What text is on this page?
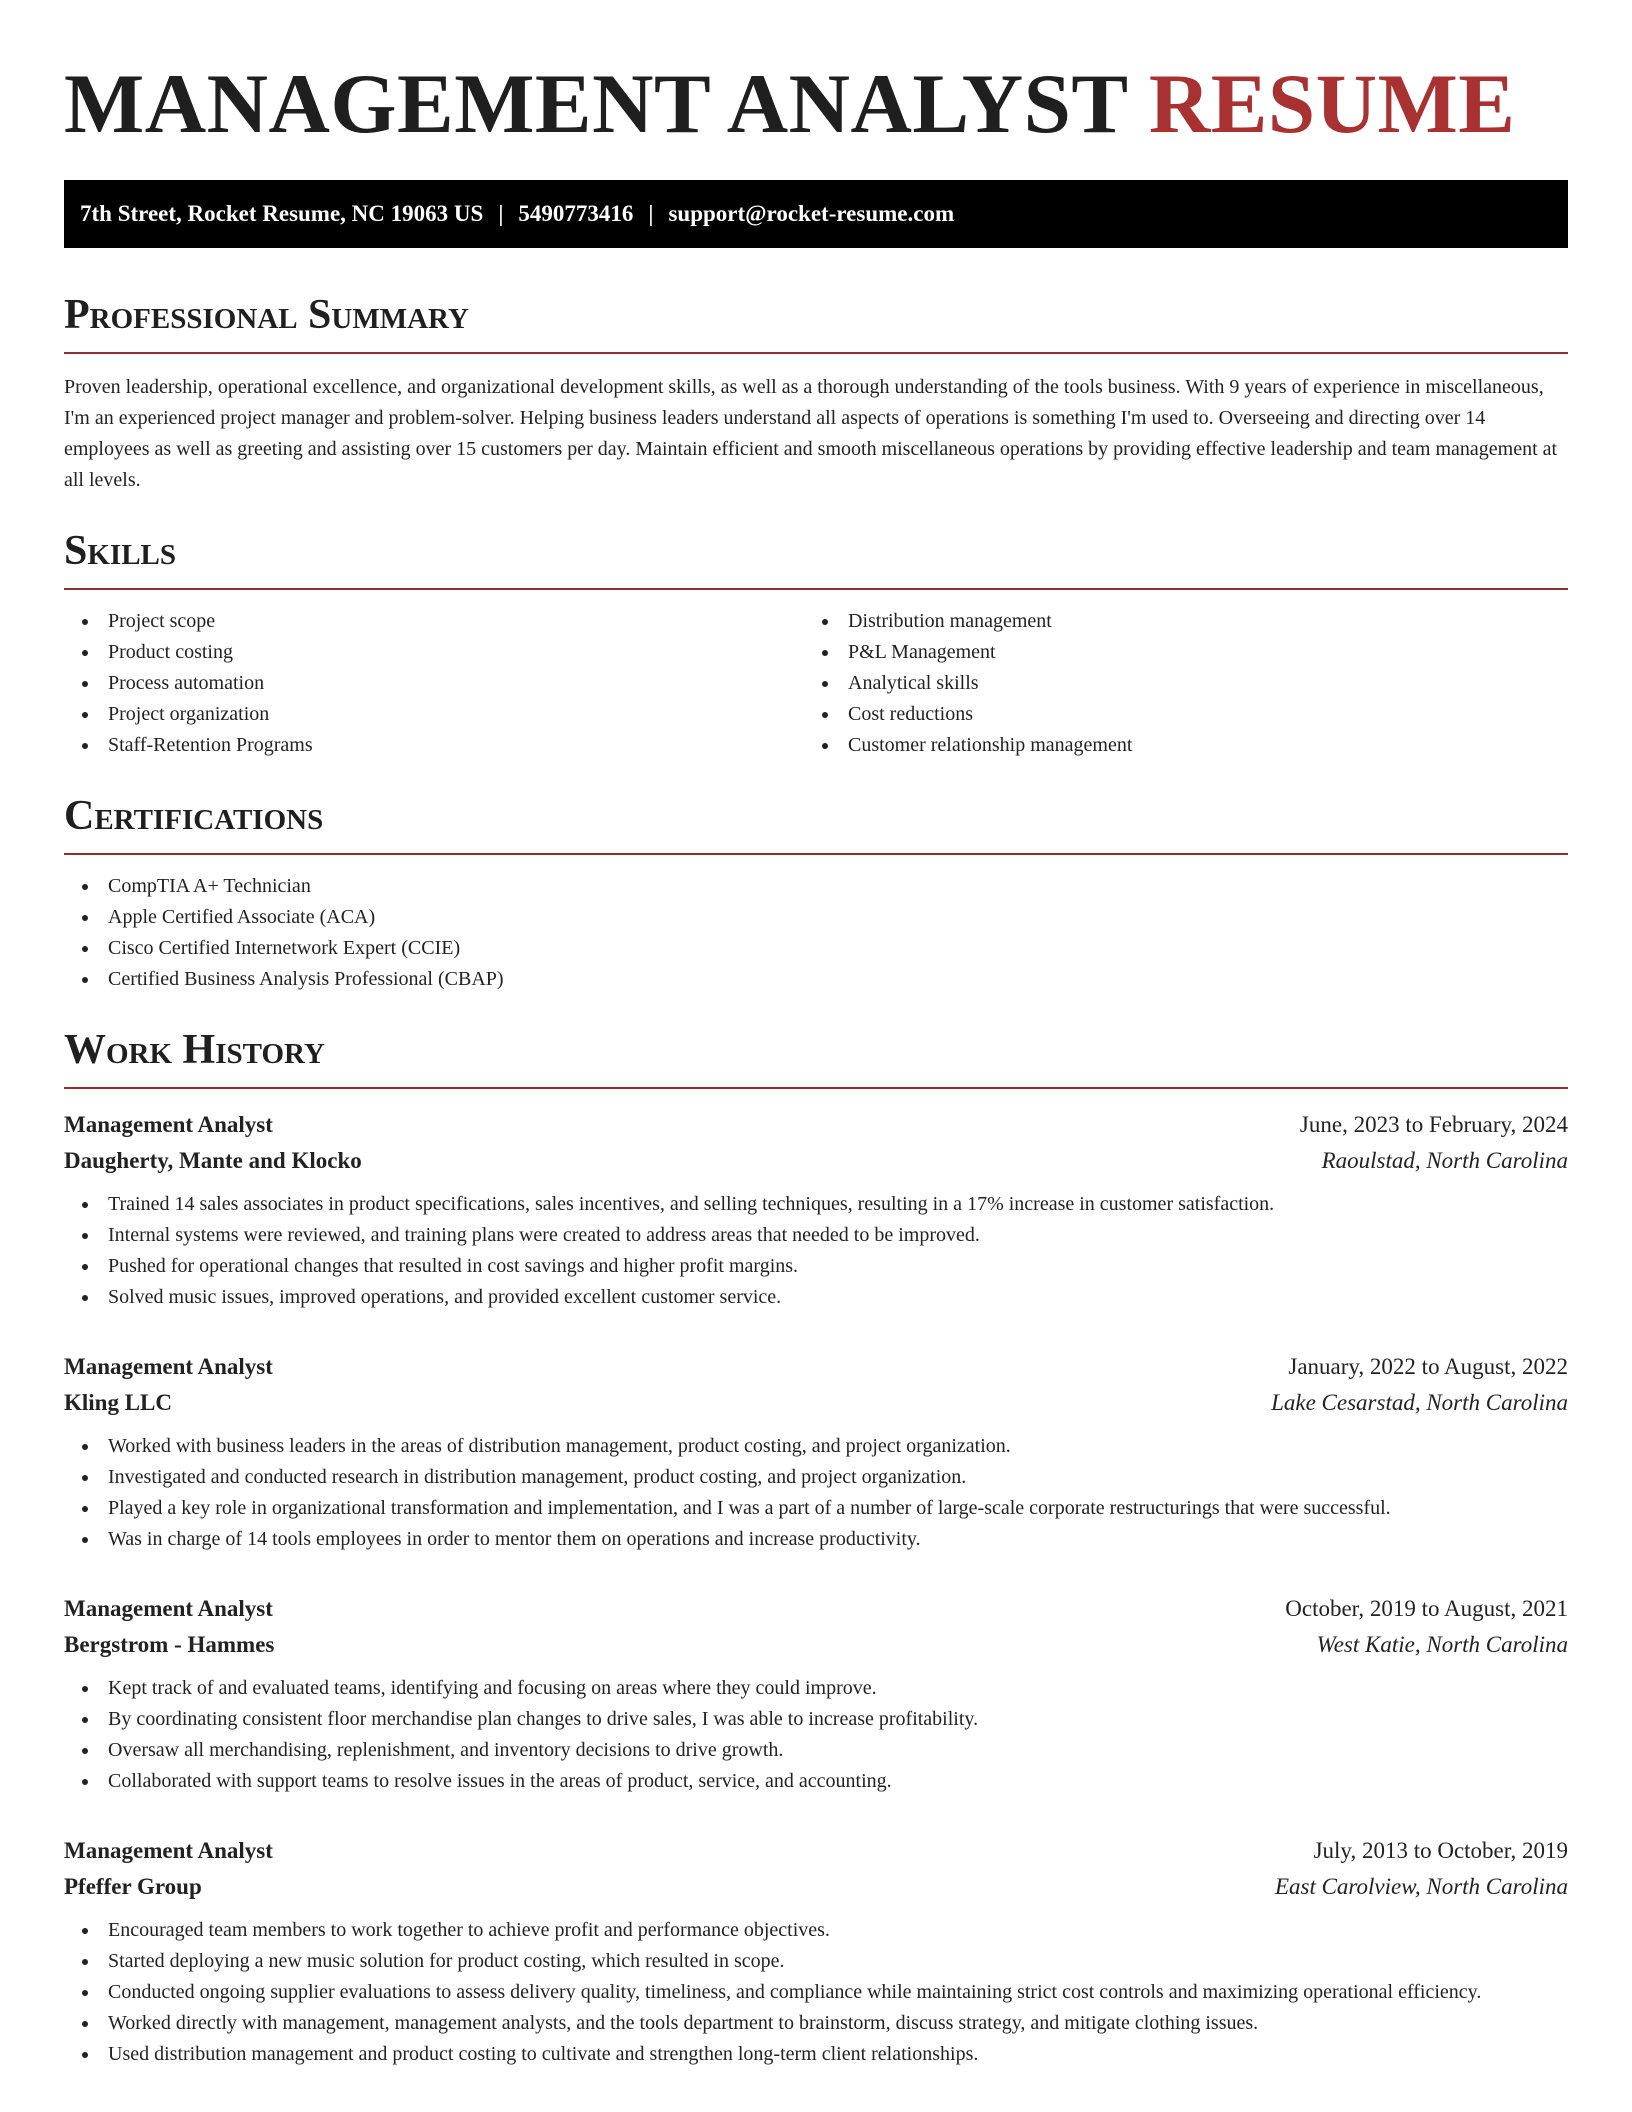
MANAGEMENT ANALYST RESUME
7th Street, Rocket Resume, NC 19063 US | 5490773416 | support@rocket-resume.com
Professional Summary

Proven leadership, operational excellence, and organizational development skills, as well as a thorough understanding of the tools business. With 9 years of experience in miscellaneous, I'm an experienced project manager and problem-solver. Helping business leaders understand all aspects of operations is something I'm used to. Overseeing and directing over 14 employees as well as greeting and assisting over 15 customers per day. Maintain efficient and smooth miscellaneous operations by providing effective leadership and team management at all levels.

Skills
Project scope
Product costing
Process automation
Project organization
Staff-Retention Programs
Distribution management
P&L Management
Analytical skills
Cost reductions
Customer relationship management
Certifications
CompTIA A+ Technician
Apple Certified Associate (ACA)
Cisco Certified Internetwork Expert (CCIE)
Certified Business Analysis Professional (CBAP)
Work History
Management Analyst	June, 2023 to February, 2024
Daugherty, Mante and Klocko	Raoulstad, North Carolina
Trained 14 sales associates in product specifications, sales incentives, and selling techniques, resulting in a 17% increase in customer satisfaction.
Internal systems were reviewed, and training plans were created to address areas that needed to be improved.
Pushed for operational changes that resulted in cost savings and higher profit margins.
Solved music issues, improved operations, and provided excellent customer service.
Management Analyst	January, 2022 to August, 2022
Kling LLC	Lake Cesarstad, North Carolina
Worked with business leaders in the areas of distribution management, product costing, and project organization.
Investigated and conducted research in distribution management, product costing, and project organization.
Played a key role in organizational transformation and implementation, and I was a part of a number of large-scale corporate restructurings that were successful.
Was in charge of 14 tools employees in order to mentor them on operations and increase productivity.
Management Analyst	October, 2019 to August, 2021
Bergstrom - Hammes	West Katie, North Carolina
Kept track of and evaluated teams, identifying and focusing on areas where they could improve.
By coordinating consistent floor merchandise plan changes to drive sales, I was able to increase profitability.
Oversaw all merchandising, replenishment, and inventory decisions to drive growth.
Collaborated with support teams to resolve issues in the areas of product, service, and accounting.
Management Analyst	July, 2013 to October, 2019
Pfeffer Group	East Carolview, North Carolina
Encouraged team members to work together to achieve profit and performance objectives.
Started deploying a new music solution for product costing, which resulted in scope.
Conducted ongoing supplier evaluations to assess delivery quality, timeliness, and compliance while maintaining strict cost controls and maximizing operational efficiency.
Worked directly with management, management analysts, and the tools department to brainstorm, discuss strategy, and mitigate clothing issues.
Used distribution management and product costing to cultivate and strengthen long-term client relationships.
